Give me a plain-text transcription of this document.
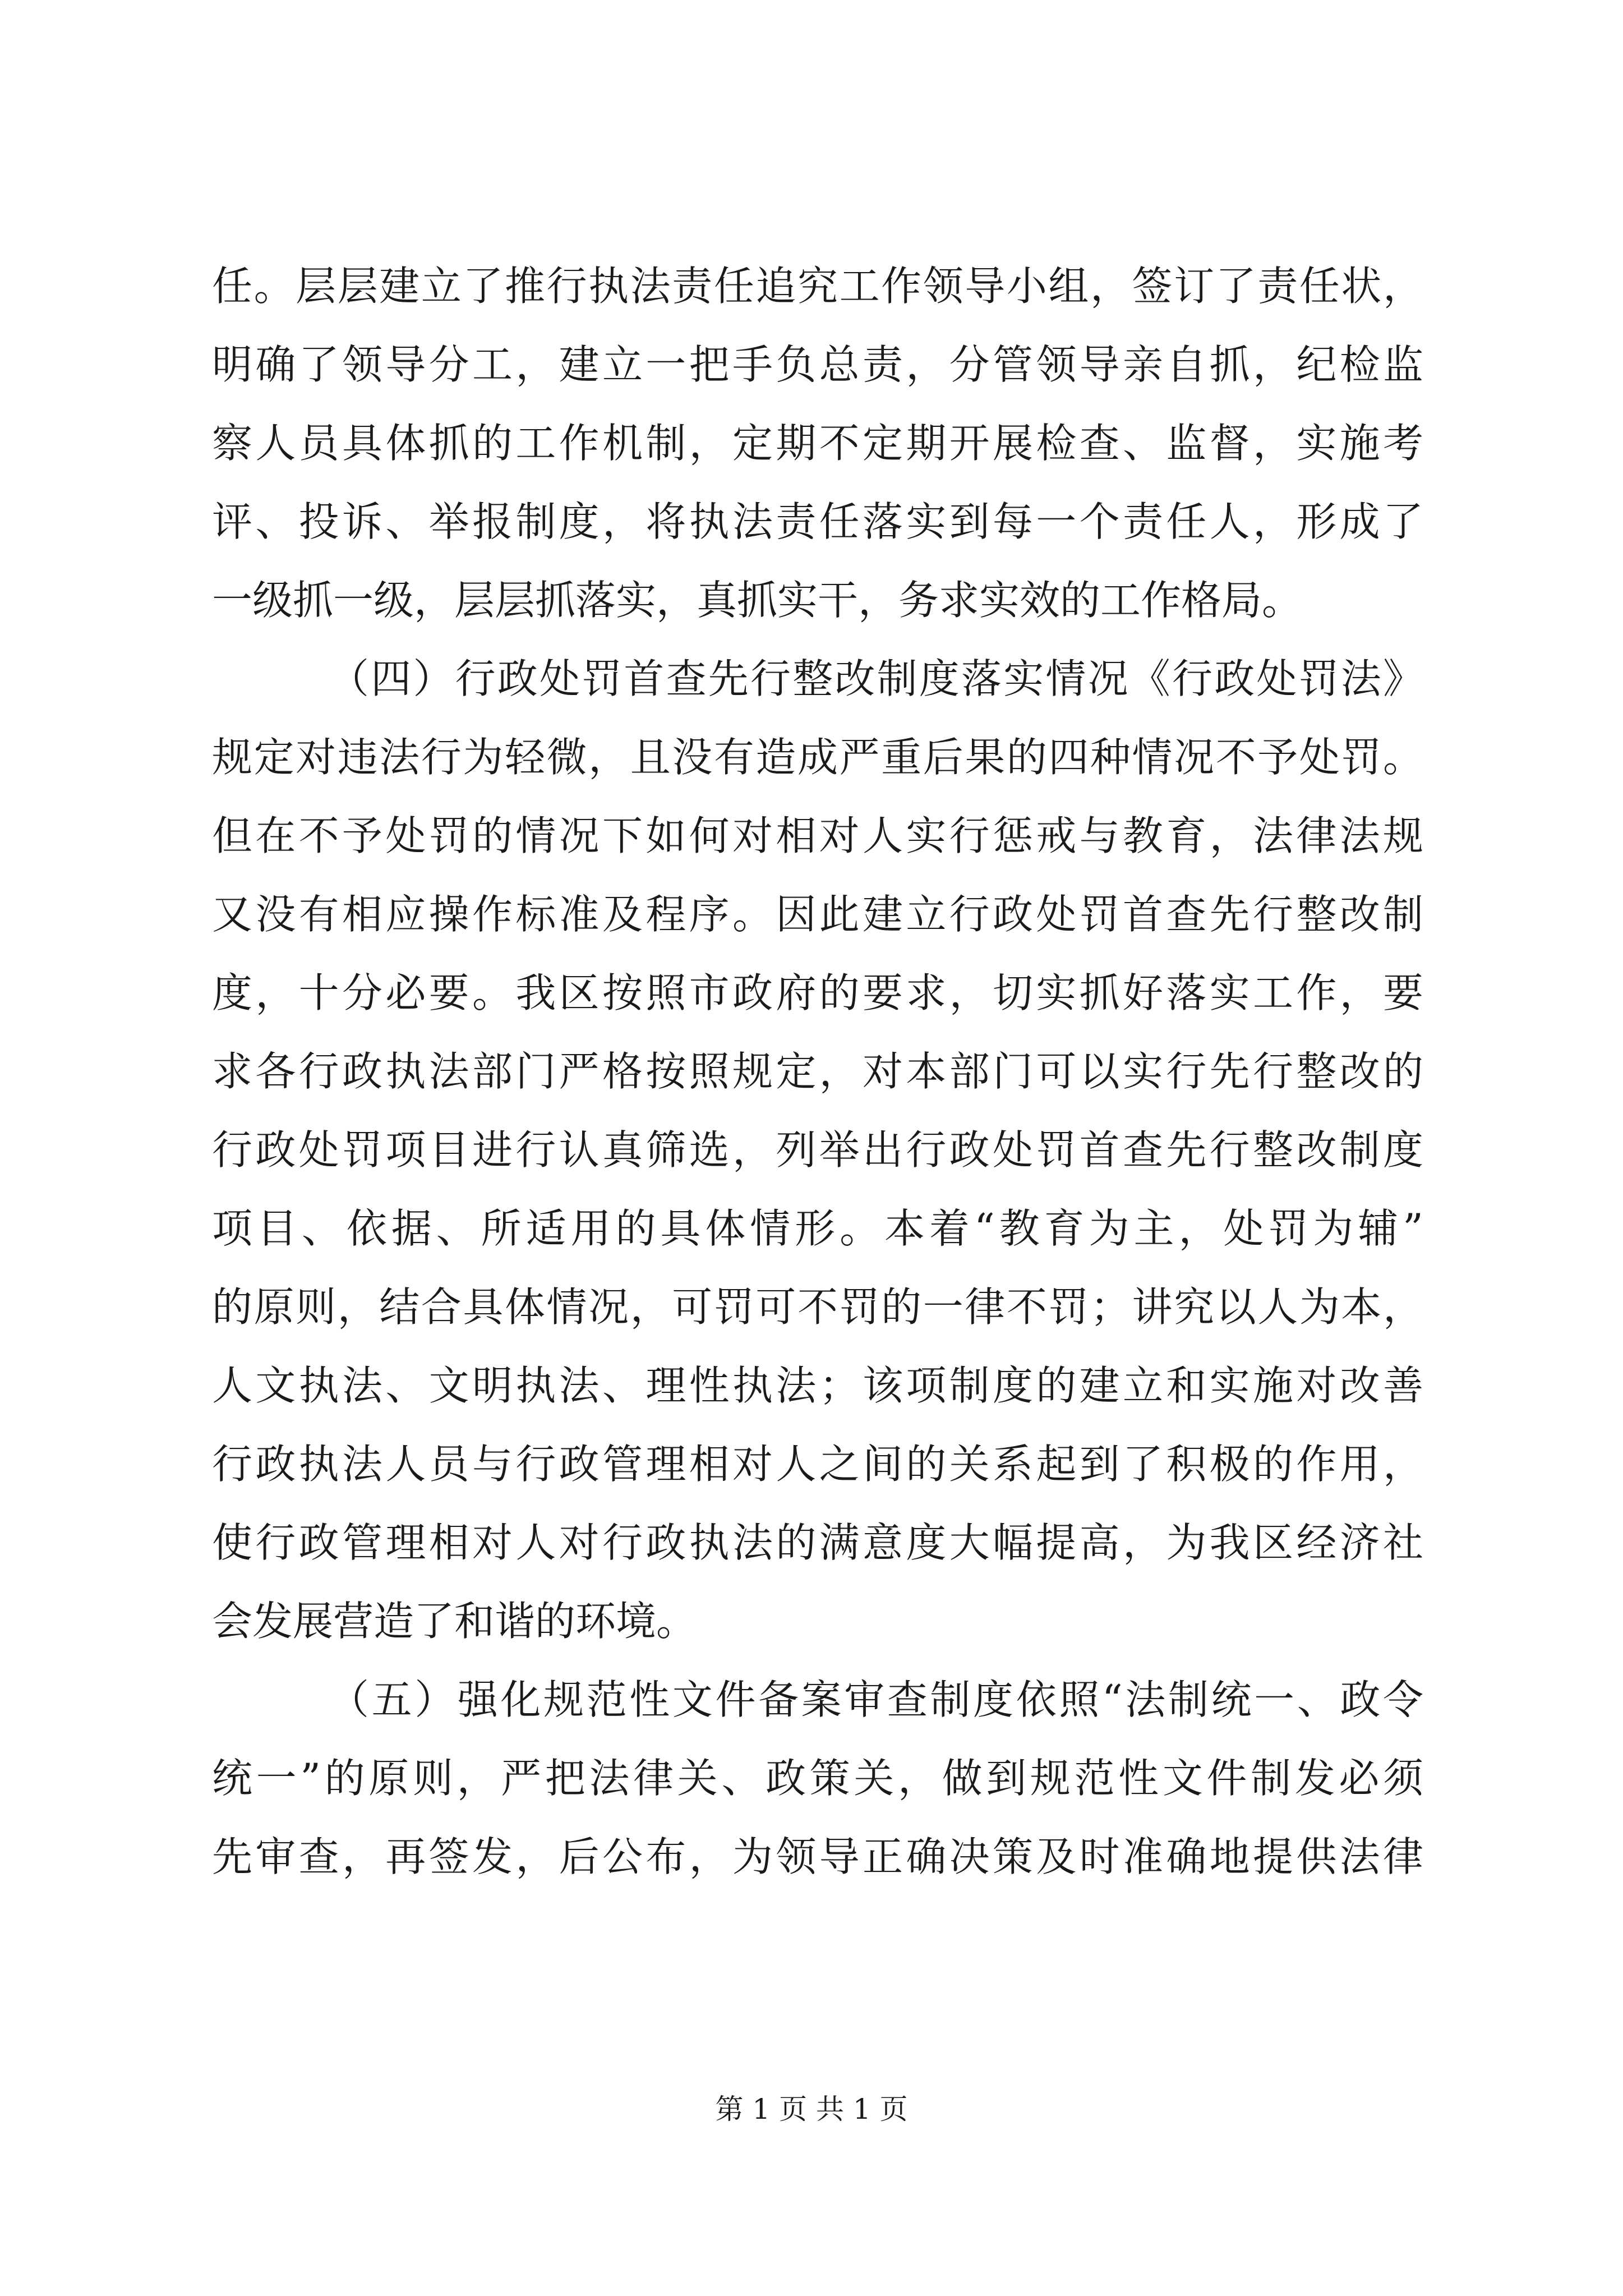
任。层层建立了推行执法责任追究工作领导小组，签订了责任状，
明确了领导分工，建立一把手负总责，分管领导亲自抓，纪检监
察人员具体抓的工作机制，定期不定期开展检查、监督，实施考
评、投诉、举报制度，将执法责任落实到每一个责任人，形成了
一级抓一级，层层抓落实，真抓实干，务求实效的工作格局。
（四）行政处罚首查先行整改制度落实情况《行政处罚法》
规定对违法行为轻微，且没有造成严重后果的四种情况不予处罚。
但在不予处罚的情况下如何对相对人实行惩戒与教育，法律法规
又没有相应操作标准及程序。因此建立行政处罚首查先行整改制
度，十分必要。我区按照市政府的要求，切实抓好落实工作，要
求各行政执法部门严格按照规定，对本部门可以实行先行整改的
行政处罚项目进行认真筛选，列举出行政处罚首查先行整改制度
项目、依据、所适用的具体情形。本着“教育为主，处罚为辅”
的原则，结合具体情况，可罚可不罚的一律不罚；讲究以人为本，
人文执法、文明执法、理性执法；该项制度的建立和实施对改善
行政执法人员与行政管理相对人之间的关系起到了积极的作用，
使行政管理相对人对行政执法的满意度大幅提高，为我区经济社
会发展营造了和谐的环境。
（五）强化规范性文件备案审查制度依照“法制统一、政令
统一”的原则，严把法律关、政策关，做到规范性文件制发必须
先审查，再签发，后公布，为领导正确决策及时准确地提供法律
第 1 页 共 1 页
